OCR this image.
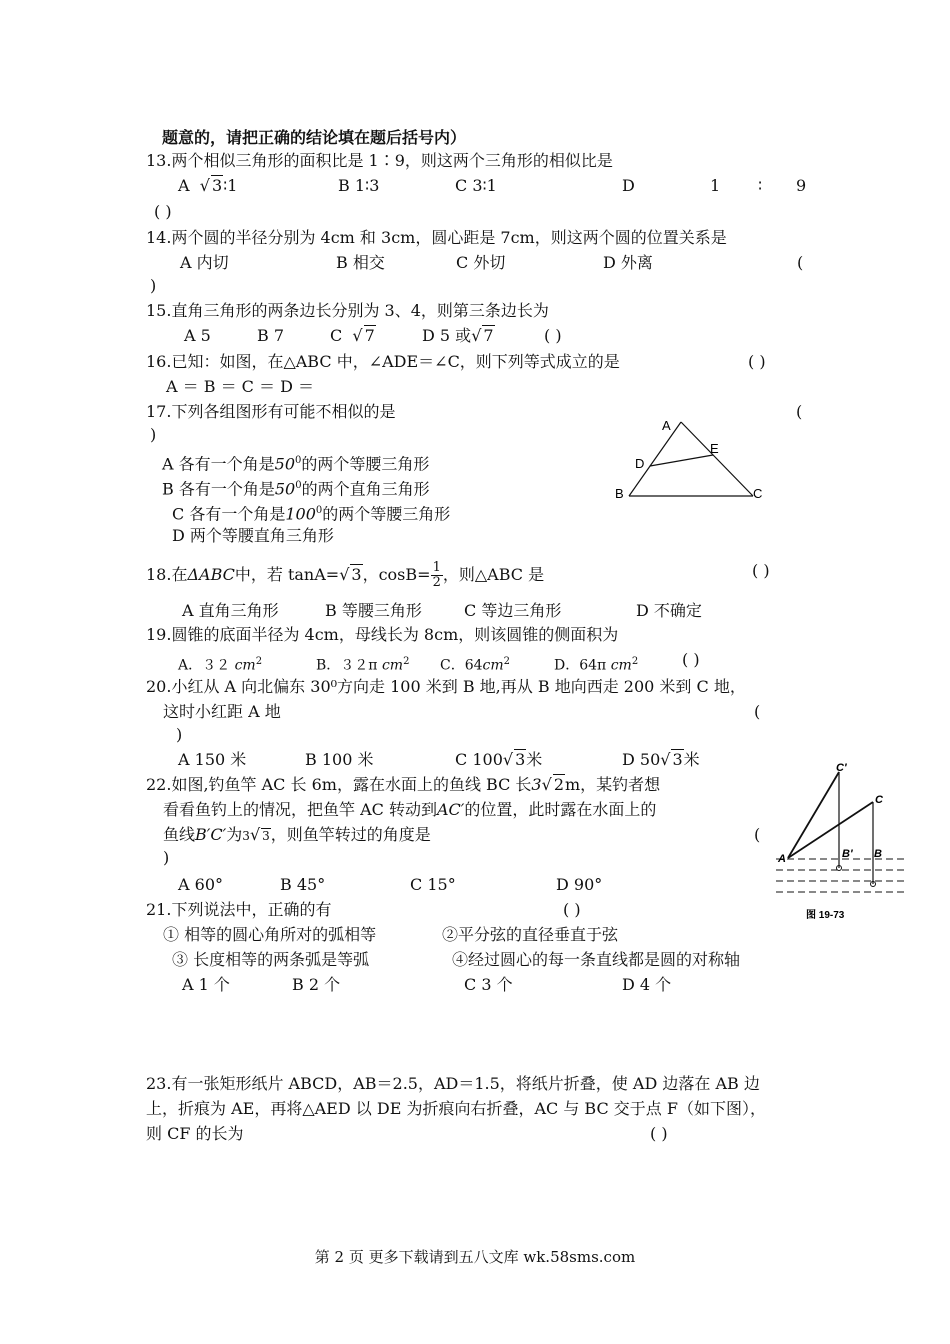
题意的，请把正确的结论填在题后括号内）
13.两个相似三角形的面积比是 1∶9，则这两个三角形的相似比是
A  √ 3∶1	B 1∶3	C 3∶1	D	1 ∶ 9
( )
14.两个圆的半径分别为 4cm 和 3cm，圆心距是 7cm，则这两个圆的位置关系是
A 内切	B 相交	C 外切	D 外离	(
)
15.直角三角形的两条边长分别为 3、4，则第三条边长为
A 5	B 7	C  √ 7	D 5 或√ 7	( )
16.已知：如图，在△ABC 中，∠ADE＝∠C，则下列等式成立的是	( )
A ＝ B ＝ C ＝ D ＝
17.下列各组图形有可能不相似的是	(
)
A 各有一个角是$50^0$的两个等腰三角形
B 各有一个角是$50^0$的两个直角三角形
C 各有一个角是$100^0$的两个等腰三角形
D 两个等腰直角三角形
A
B	C
D
E
18.在ΔABC中，若 tanA=√ 3，$\cos B= \frac{1}{2}$ ，则△ABC 是	( )
A 直角三角形	B 等腰三角形	C 等边三角形	D 不确定
19.圆锥的底面半径为 4cm，母线长为 8cm，则该圆锥的侧面积为
A．３２ $cm^2$	B．３２π $cm^2$ C．$64cm^2$	D．64π $cm^2$	( )
20.小红从 A 向北偏东 30⁰方向走 100 米到 B 地,再从 B 地向西走 200 米到 C 地，
这时小红距 A 地	(
)
A 150 米	B 100 米	C 100√ 3米	D 50√ 3米
22.如图,钓鱼竿 AC 长 6m，露在水面上的鱼线 BC 长3√ 2m，某钓者想
看看鱼钓上的情况，把鱼竿 AC 转动到AC′的位置，此时露在水面上的
鱼线B′C′为3√ 3，则鱼竿转过的角度是	(
)
A 60°	B 45°	C 15°	D 90°
A
C′
C
B′ B
图 19-73
21.下列说法中，正确的有	( )
① 相等的圆心角所对的弧相等	②平分弦的直径垂直于弦
③ 长度相等的两条弧是等弧	④经过圆心的每一条直线都是圆的对称轴
A 1 个	B 2 个	C 3 个	D 4 个
23.有一张矩形纸片 ABCD，AB＝2.5，AD＝1.5，将纸片折叠，使 AD 边落在 AB 边
上，折痕为 AE，再将△AED 以 DE 为折痕向右折叠，AC 与 BC 交于点 F（如下图），
则 CF 的长为	( )
第 2 页 更多下载请到五八文库 wk.58sms.com
